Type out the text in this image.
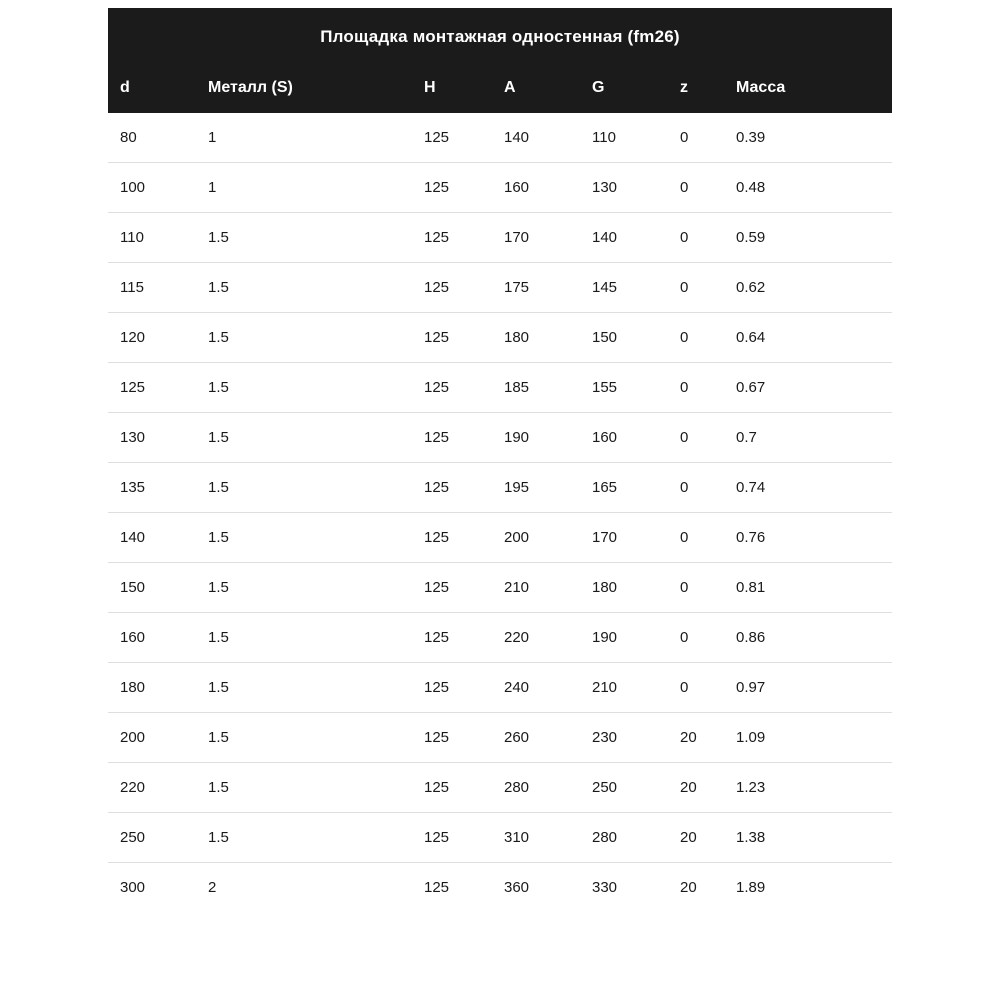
Площадка монтажная одностенная (fm26)						
d	Металл (S)	H	A	G	z	Масса
80	1	125	140	110	0	0.39
100	1	125	160	130	0	0.48
110	1.5	125	170	140	0	0.59
115	1.5	125	175	145	0	0.62
120	1.5	125	180	150	0	0.64
125	1.5	125	185	155	0	0.67
130	1.5	125	190	160	0	0.7
135	1.5	125	195	165	0	0.74
140	1.5	125	200	170	0	0.76
150	1.5	125	210	180	0	0.81
160	1.5	125	220	190	0	0.86
180	1.5	125	240	210	0	0.97
200	1.5	125	260	230	20	1.09
220	1.5	125	280	250	20	1.23
250	1.5	125	310	280	20	1.38
300	2	125	360	330	20	1.89
